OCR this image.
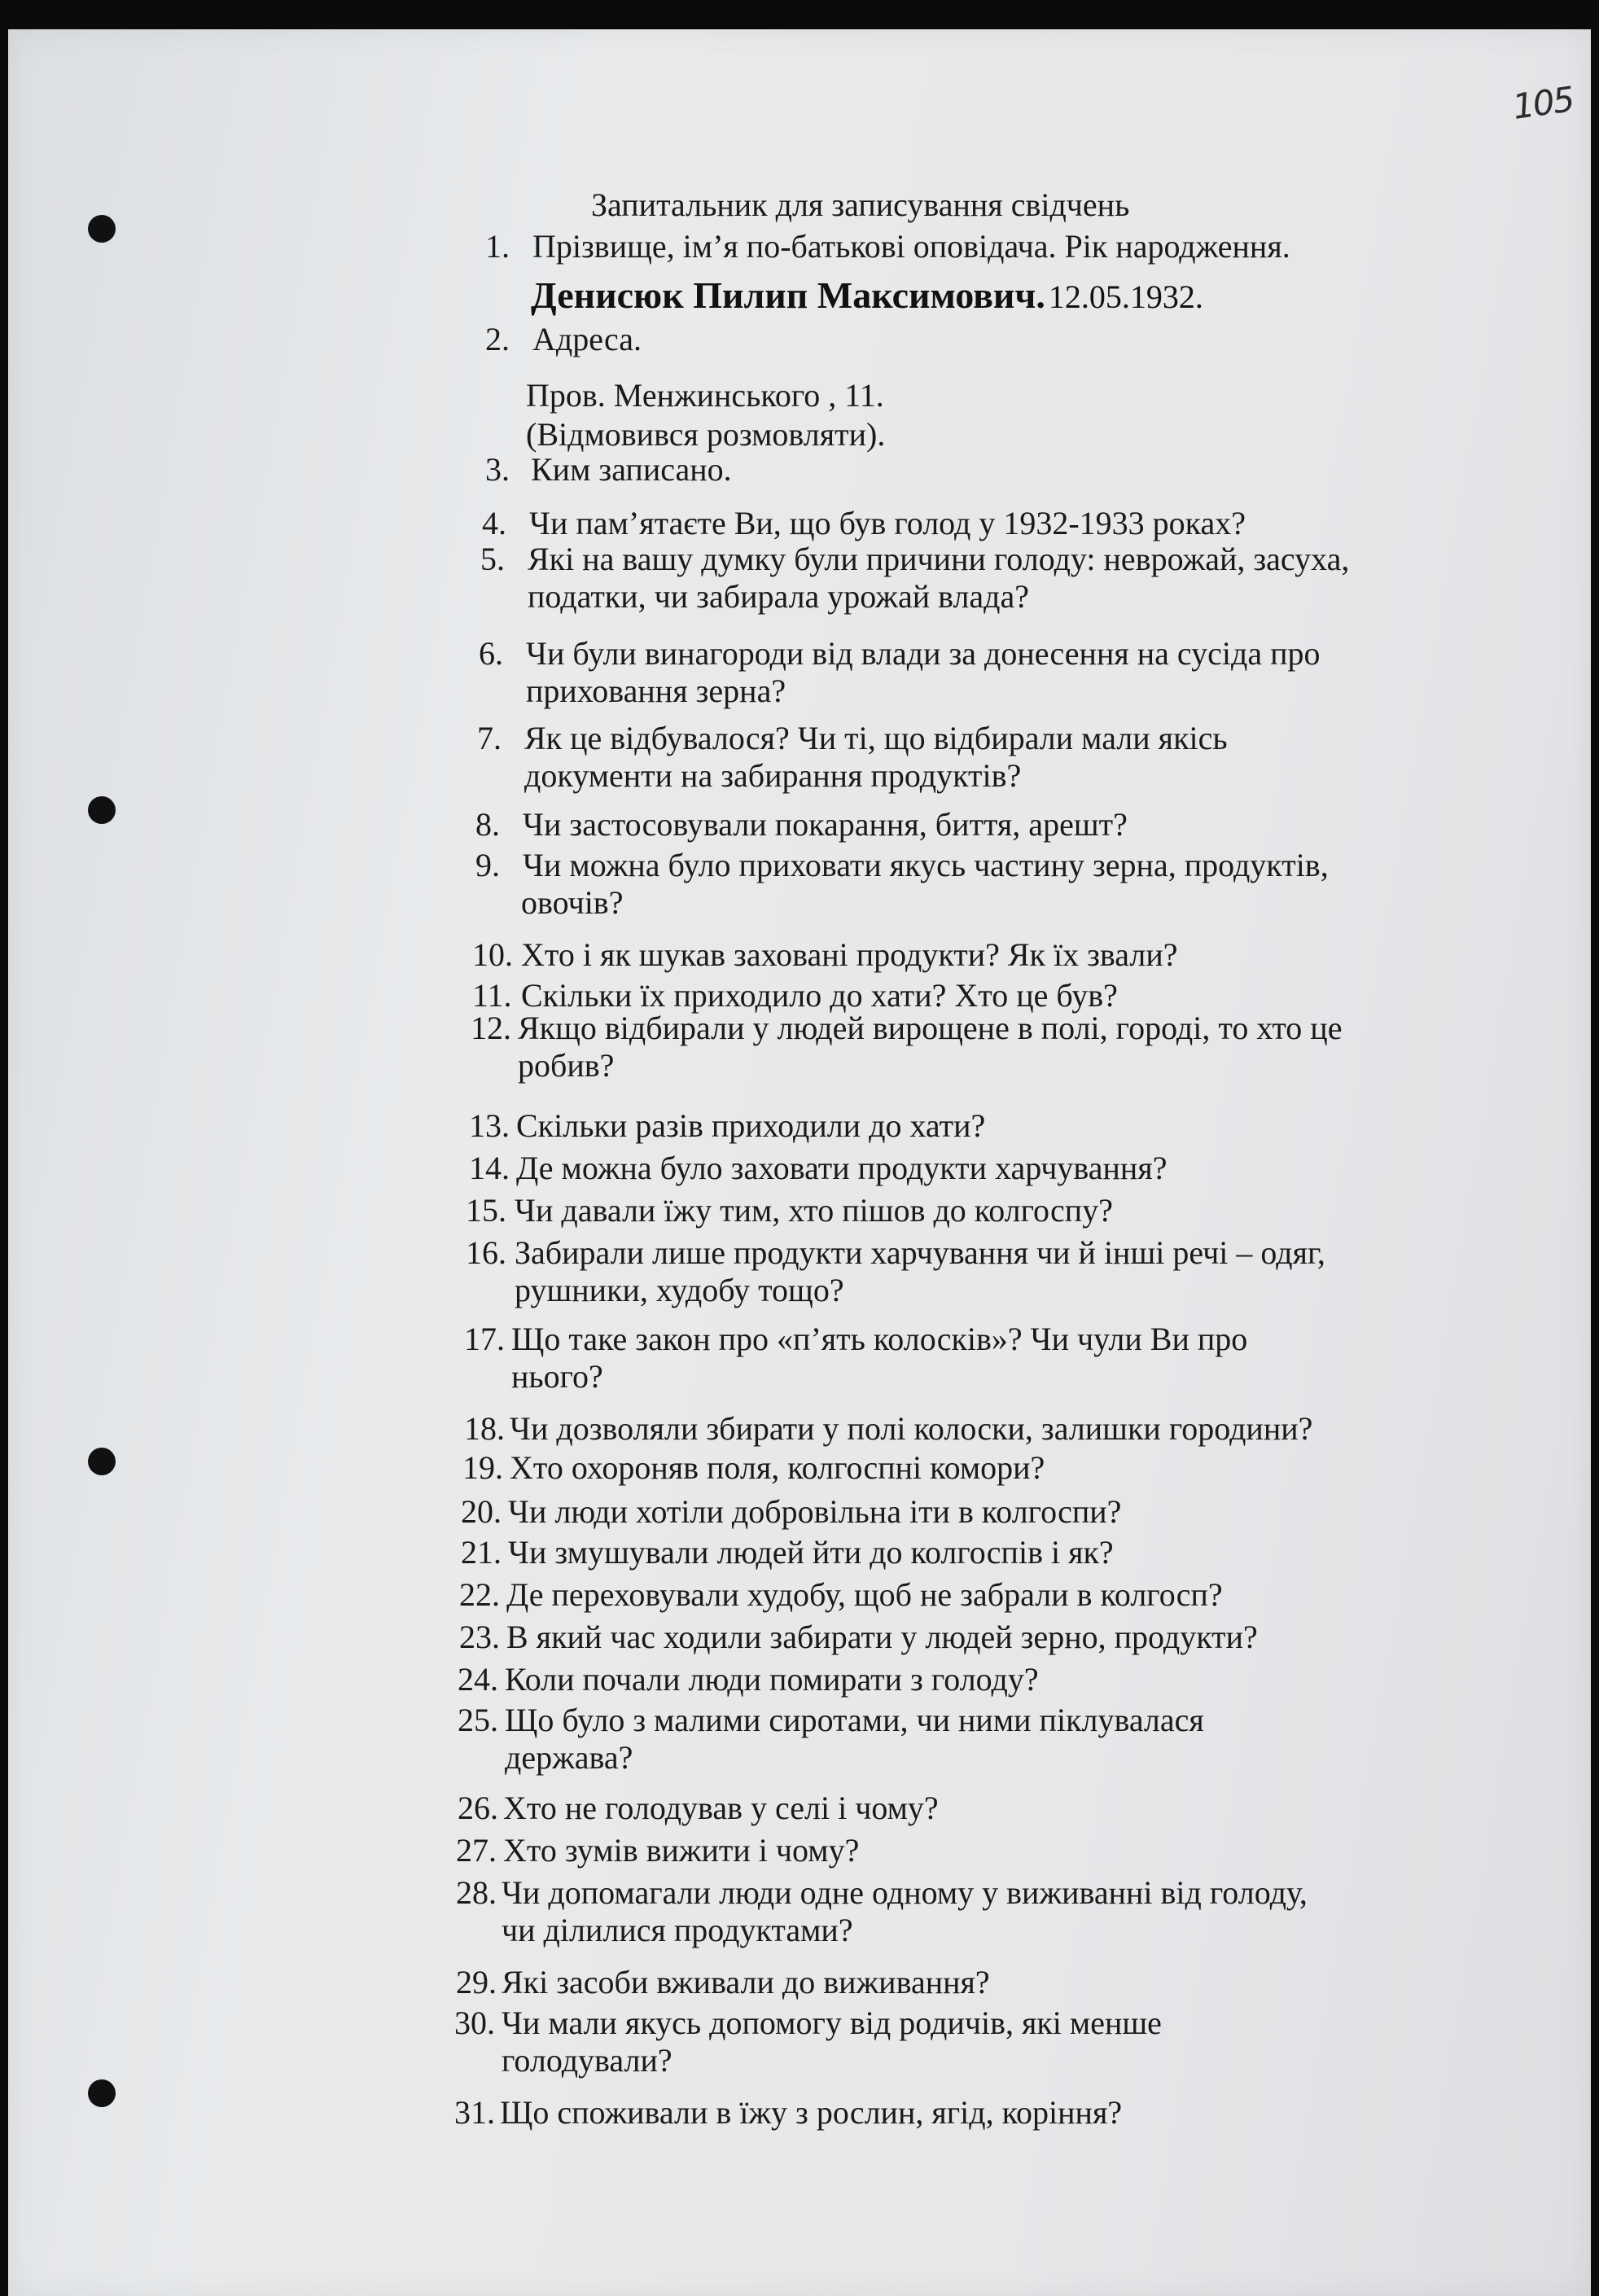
105
Запитальник для записування свідчень
Денисюк Пилип Максимович. 12.05.1932.
Пров. Менжинського , 11.
(Відмовився розмовляти).
1. Прізвище, ім’я по-батькові оповідача. Рік народження.
2. Адреса.
3. Ким записано.
4. Чи пам’ятаєте Ви, що був голод у 1932-1933 роках?
5. Які на вашу думку були причини голоду: неврожай, засуха,
податки, чи забирала урожай влада?
6. Чи були винагороди від влади за донесення на сусіда про
приховання зерна?
7. Як це відбувалося? Чи ті, що відбирали мали якісь
документи на забирання продуктів?
8. Чи застосовували покарання, биття, арешт?
9. Чи можна було приховати якусь частину зерна, продуктів,
овочів?
10. Хто і як шукав заховані продукти? Як їх звали?
11. Скільки їх приходило до хати? Хто це був?
12. Якщо відбирали у людей вирощене в полі, городі, то хто це
робив?
13. Скільки разів приходили до хати?
14. Де можна було заховати продукти харчування?
15. Чи давали їжу тим, хто пішов до колгоспу?
16. Забирали лише продукти харчування чи й інші речі – одяг,
рушники, худобу тощо?
17. Що таке закон про «п’ять колосків»? Чи чули Ви про
нього?
18. Чи дозволяли збирати у полі колоски, залишки городини?
19. Хто охороняв поля, колгоспні комори?
20. Чи люди хотіли добровільна іти в колгоспи?
21. Чи змушували людей йти до колгоспів і як?
22. Де переховували худобу, щоб не забрали в колгосп?
23. В який час ходили забирати у людей зерно, продукти?
24. Коли почали люди помирати з голоду?
25. Що було з малими сиротами, чи ними піклувалася
держава?
26. Хто не голодував у селі і чому?
27. Хто зумів вижити і чому?
28. Чи допомагали люди одне одному у виживанні від голоду,
чи ділилися продуктами?
29. Які засоби вживали до виживання?
30. Чи мали якусь допомогу від родичів, які менше
голодували?
31. Що споживали в їжу з рослин, ягід, коріння?
